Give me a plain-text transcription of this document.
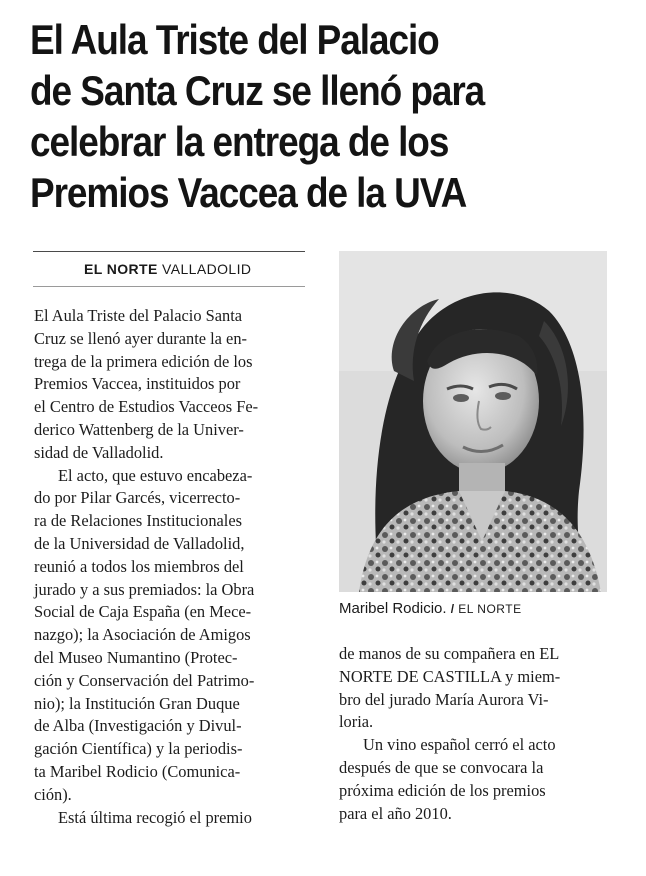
El Aula Triste del Palacio
de Santa Cruz se llenó para
celebrar la entrega de los
Premios Vaccea de la UVA

EL NORTE VALLADOLID

El Aula Triste del Palacio Santa
Cruz se llenó ayer durante la en-
trega de la primera edición de los
Premios Vaccea, instituidos por
el Centro de Estudios Vacceos Fe-
derico Wattenberg de la Univer-
sidad de Valladolid.
El acto, que estuvo encabeza-
do por Pilar Garcés, vicerrecto-
ra de Relaciones Institucionales
de la Universidad de Valladolid,
reunió a todos los miembros del
jurado y a sus premiados: la Obra
Social de Caja España (en Mece-
nazgo); la Asociación de Amigos
del Museo Numantino (Protec-
ción y Conservación del Patrimo-
nio); la Institución Gran Duque
de Alba (Investigación y Divul-
gación Científica) y la periodis-
ta Maribel Rodicio (Comunica-
ción).
Está última recogió el premio

Maribel Rodicio. / EL NORTE

de manos de su compañera en EL
NORTE DE CASTILLA y miem-
bro del jurado María Aurora Vi-
loria.
Un vino español cerró el acto
después de que se convocara la
próxima edición de los premios
para el año 2010.
